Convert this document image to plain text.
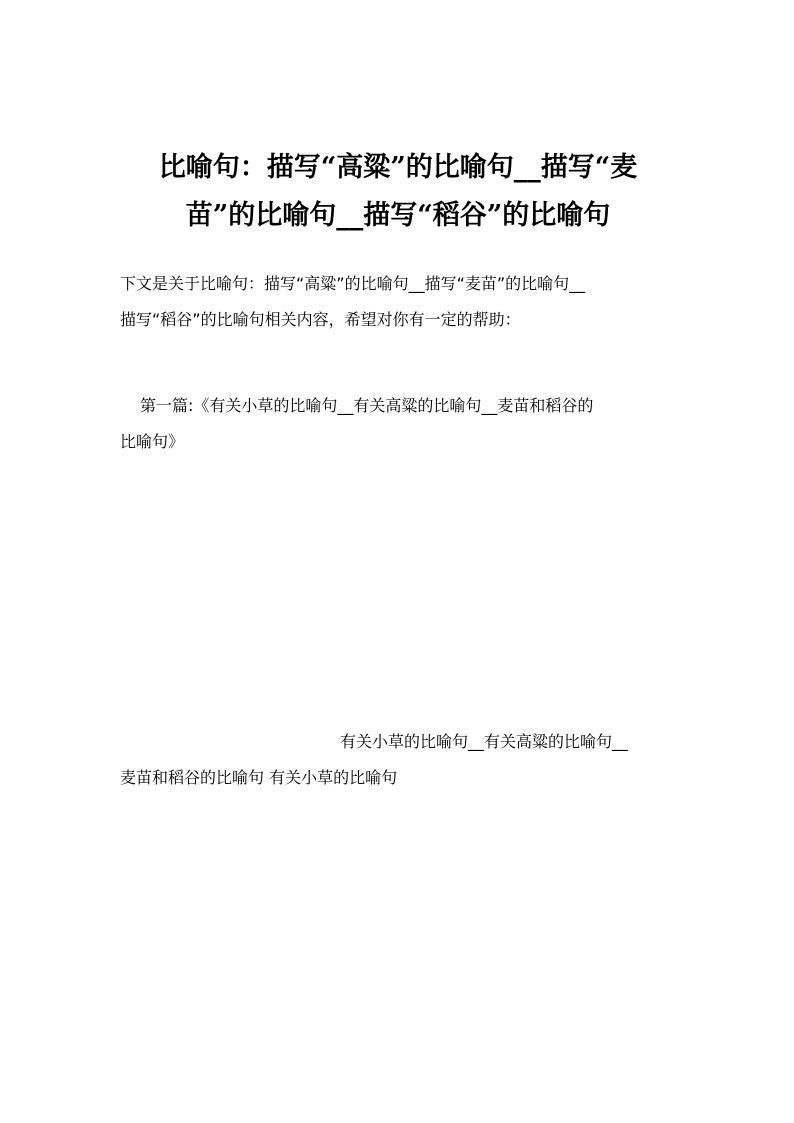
比喻句：描写“高粱”的比喻句__描写“麦
苗”的比喻句__描写“稻谷”的比喻句

下文是关于比喻句：描写“高粱”的比喻句__描写“麦苗”的比喻句__
描写“稻谷”的比喻句相关内容，希望对你有一定的帮助：

第一篇:《有关小草的比喻句__有关高粱的比喻句__麦苗和稻谷的
比喻句》

有关小草的比喻句__有关高粱的比喻句__
麦苗和稻谷的比喻句 有关小草的比喻句
